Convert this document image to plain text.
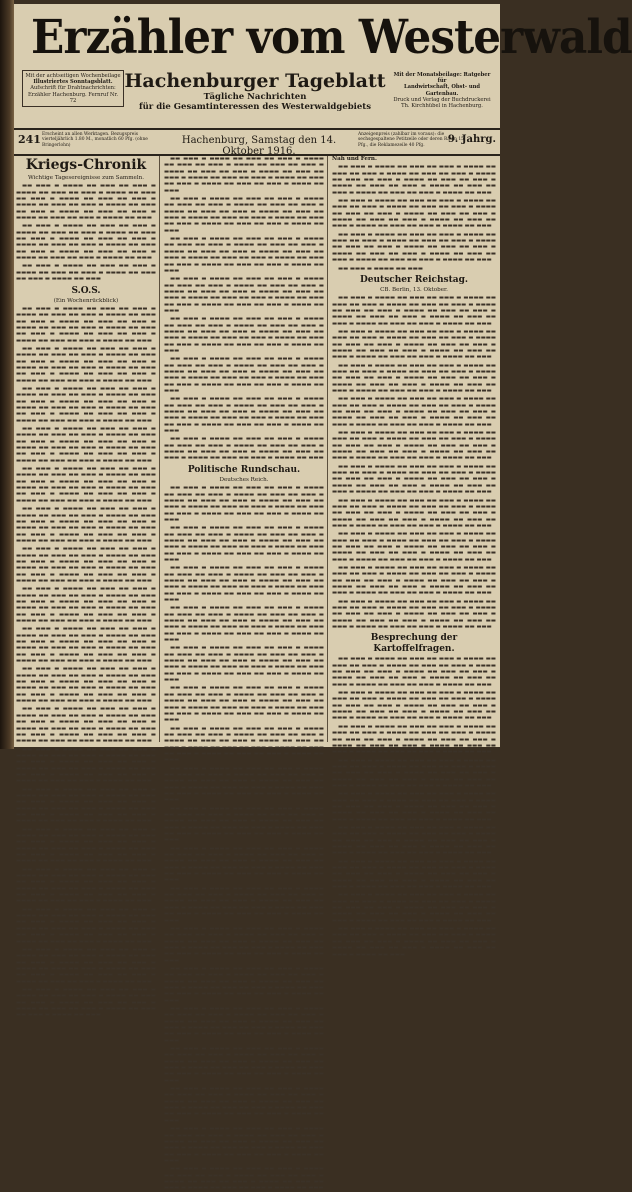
Erzähler vom Westerwald
Mit der achtseitigen Wochenbeilage
Illustriertes Sonntagsblatt.
Aufschrift für Drahtnachrichten:
Erzähler Hachenburg. Fernruf Nr. 72
Hachenburger Tageblatt
Tägliche Nachrichten
für die Gesamtinteressen des Westerwaldgebiets
Mit der Monatsbeilage: Ratgeber für
Landwirtschaft, Obst- und Gartenbau.
Druck und Verlag der Buchdruckerei
Th. Kirchhübel in Hachenburg.
241 Erscheint an allen Werktagen. Bezugspreis vierteljährlich 1.80 M., monatlich 60 Pfg. (ohne Bringerlohn)	Hachenburg, Samstag den 14. Oktober 1916.
Anzeigenpreis (zahlbar im voraus): die sechsgespaltene Petitzeile oder deren Raum 15 Pfg., die Reklamezeile 40 Pfg.
9. Jahrg.
Kriegs-Chronik
Wichtige Tagesereignisse zum Sammeln.

▬▬ ▬▬▬ ▬ ▬▬▬▬ ▬▬ ▬▬▬ ▬▬ ▬▬▬ ▬ ▬▬▬▬ ▬▬ ▬▬▬ ▬▬ ▬▬▬ ▬ ▬▬▬▬ ▬▬ ▬▬▬ ▬▬ ▬▬▬ ▬ ▬▬▬▬ ▬▬ ▬▬▬ ▬▬ ▬▬▬ ▬ ▬▬▬▬ ▬▬ ▬▬▬ ▬▬ ▬▬▬ ▬ ▬▬▬▬ ▬▬ ▬▬▬ ▬▬ ▬▬▬ ▬ ▬▬▬▬ ▬▬ ▬▬▬ ▬▬ ▬▬▬ ▬ ▬▬▬▬ ▬▬ ▬▬▬ ▬▬ ▬▬▬ ▬ ▬▬▬▬ ▬▬ ▬▬▬

▬▬ ▬▬▬ ▬ ▬▬▬▬ ▬▬ ▬▬▬ ▬▬ ▬▬▬ ▬ ▬▬▬▬ ▬▬ ▬▬▬ ▬▬ ▬▬▬ ▬ ▬▬▬▬ ▬▬ ▬▬▬ ▬▬ ▬▬▬ ▬ ▬▬▬▬ ▬▬ ▬▬▬ ▬▬ ▬▬▬ ▬ ▬▬▬▬ ▬▬ ▬▬▬ ▬▬ ▬▬▬ ▬ ▬▬▬▬ ▬▬ ▬▬▬ ▬▬ ▬▬▬ ▬ ▬▬▬▬ ▬▬ ▬▬▬ ▬▬ ▬▬▬ ▬ ▬▬▬▬ ▬▬ ▬▬▬ ▬▬ ▬▬▬ ▬ ▬▬▬▬ ▬▬ ▬▬▬

▬▬ ▬▬▬ ▬ ▬▬▬▬ ▬▬ ▬▬▬ ▬▬ ▬▬▬ ▬ ▬▬▬▬ ▬▬ ▬▬▬ ▬▬ ▬▬▬ ▬ ▬▬▬▬ ▬▬ ▬▬▬ ▬▬ ▬▬▬ ▬ ▬▬▬▬ ▬▬ ▬▬▬

S.O.S.
(Ein Wochenrückblick)

▬▬ ▬▬▬ ▬ ▬▬▬▬ ▬▬ ▬▬▬ ▬▬ ▬▬▬ ▬ ▬▬▬▬ ▬▬ ▬▬▬ ▬▬ ▬▬▬ ▬ ▬▬▬▬ ▬▬ ▬▬▬ ▬▬ ▬▬▬ ▬ ▬▬▬▬ ▬▬ ▬▬▬ ▬▬ ▬▬▬ ▬ ▬▬▬▬ ▬▬ ▬▬▬ ▬▬ ▬▬▬ ▬ ▬▬▬▬ ▬▬ ▬▬▬ ▬▬ ▬▬▬ ▬ ▬▬▬▬ ▬▬ ▬▬▬ ▬▬ ▬▬▬ ▬ ▬▬▬▬ ▬▬ ▬▬▬ ▬▬ ▬▬▬ ▬ ▬▬▬▬ ▬▬ ▬▬▬

▬▬ ▬▬▬ ▬ ▬▬▬▬ ▬▬ ▬▬▬ ▬▬ ▬▬▬ ▬ ▬▬▬▬ ▬▬ ▬▬▬ ▬▬ ▬▬▬ ▬ ▬▬▬▬ ▬▬ ▬▬▬ ▬▬ ▬▬▬ ▬ ▬▬▬▬ ▬▬ ▬▬▬ ▬▬ ▬▬▬ ▬ ▬▬▬▬ ▬▬ ▬▬▬ ▬▬ ▬▬▬ ▬ ▬▬▬▬ ▬▬ ▬▬▬ ▬▬ ▬▬▬ ▬ ▬▬▬▬ ▬▬ ▬▬▬ ▬▬ ▬▬▬ ▬ ▬▬▬▬ ▬▬ ▬▬▬ ▬▬ ▬▬▬ ▬ ▬▬▬▬ ▬▬ ▬▬▬

▬▬ ▬▬▬ ▬ ▬▬▬▬ ▬▬ ▬▬▬ ▬▬ ▬▬▬ ▬ ▬▬▬▬ ▬▬ ▬▬▬ ▬▬ ▬▬▬ ▬ ▬▬▬▬ ▬▬ ▬▬▬ ▬▬ ▬▬▬ ▬ ▬▬▬▬ ▬▬ ▬▬▬ ▬▬ ▬▬▬ ▬ ▬▬▬▬ ▬▬ ▬▬▬ ▬▬ ▬▬▬ ▬ ▬▬▬▬ ▬▬ ▬▬▬ ▬▬ ▬▬▬ ▬ ▬▬▬▬ ▬▬ ▬▬▬ ▬▬ ▬▬▬ ▬ ▬▬▬▬ ▬▬ ▬▬▬ ▬▬ ▬▬▬ ▬ ▬▬▬▬ ▬▬ ▬▬▬

▬▬ ▬▬▬ ▬ ▬▬▬▬ ▬▬ ▬▬▬ ▬▬ ▬▬▬ ▬ ▬▬▬▬ ▬▬ ▬▬▬ ▬▬ ▬▬▬ ▬ ▬▬▬▬ ▬▬ ▬▬▬ ▬▬ ▬▬▬ ▬ ▬▬▬▬ ▬▬ ▬▬▬ ▬▬ ▬▬▬ ▬ ▬▬▬▬ ▬▬ ▬▬▬ ▬▬ ▬▬▬ ▬ ▬▬▬▬ ▬▬ ▬▬▬ ▬▬ ▬▬▬ ▬ ▬▬▬▬ ▬▬ ▬▬▬ ▬▬ ▬▬▬ ▬ ▬▬▬▬ ▬▬ ▬▬▬ ▬▬ ▬▬▬ ▬ ▬▬▬▬ ▬▬ ▬▬▬

▬▬ ▬▬▬ ▬ ▬▬▬▬ ▬▬ ▬▬▬ ▬▬ ▬▬▬ ▬ ▬▬▬▬ ▬▬ ▬▬▬ ▬▬ ▬▬▬ ▬ ▬▬▬▬ ▬▬ ▬▬▬ ▬▬ ▬▬▬ ▬ ▬▬▬▬ ▬▬ ▬▬▬ ▬▬ ▬▬▬ ▬ ▬▬▬▬ ▬▬ ▬▬▬ ▬▬ ▬▬▬ ▬ ▬▬▬▬ ▬▬ ▬▬▬ ▬▬ ▬▬▬ ▬ ▬▬▬▬ ▬▬ ▬▬▬ ▬▬ ▬▬▬ ▬ ▬▬▬▬ ▬▬ ▬▬▬ ▬▬ ▬▬▬ ▬ ▬▬▬▬ ▬▬ ▬▬▬

▬▬ ▬▬▬ ▬ ▬▬▬▬ ▬▬ ▬▬▬ ▬▬ ▬▬▬ ▬ ▬▬▬▬ ▬▬ ▬▬▬ ▬▬ ▬▬▬ ▬ ▬▬▬▬ ▬▬ ▬▬▬ ▬▬ ▬▬▬ ▬ ▬▬▬▬ ▬▬ ▬▬▬ ▬▬ ▬▬▬ ▬ ▬▬▬▬ ▬▬ ▬▬▬ ▬▬ ▬▬▬ ▬ ▬▬▬▬ ▬▬ ▬▬▬ ▬▬ ▬▬▬ ▬ ▬▬▬▬ ▬▬ ▬▬▬ ▬▬ ▬▬▬ ▬ ▬▬▬▬ ▬▬ ▬▬▬ ▬▬ ▬▬▬ ▬ ▬▬▬▬ ▬▬ ▬▬▬

▬▬ ▬▬▬ ▬ ▬▬▬▬ ▬▬ ▬▬▬ ▬▬ ▬▬▬ ▬ ▬▬▬▬ ▬▬ ▬▬▬ ▬▬ ▬▬▬ ▬ ▬▬▬▬ ▬▬ ▬▬▬ ▬▬ ▬▬▬ ▬ ▬▬▬▬ ▬▬ ▬▬▬ ▬▬ ▬▬▬ ▬ ▬▬▬▬ ▬▬ ▬▬▬ ▬▬ ▬▬▬ ▬ ▬▬▬▬ ▬▬ ▬▬▬ ▬▬ ▬▬▬ ▬ ▬▬▬▬ ▬▬ ▬▬▬ ▬▬ ▬▬▬ ▬ ▬▬▬▬ ▬▬ ▬▬▬ ▬▬ ▬▬▬ ▬ ▬▬▬▬ ▬▬ ▬▬▬

▬▬ ▬▬▬ ▬ ▬▬▬▬ ▬▬ ▬▬▬ ▬▬ ▬▬▬ ▬ ▬▬▬▬ ▬▬ ▬▬▬ ▬▬ ▬▬▬ ▬ ▬▬▬▬ ▬▬ ▬▬▬ ▬▬ ▬▬▬ ▬ ▬▬▬▬ ▬▬ ▬▬▬ ▬▬ ▬▬▬ ▬ ▬▬▬▬ ▬▬ ▬▬▬ ▬▬ ▬▬▬ ▬ ▬▬▬▬ ▬▬ ▬▬▬ ▬▬ ▬▬▬ ▬ ▬▬▬▬ ▬▬ ▬▬▬ ▬▬ ▬▬▬ ▬ ▬▬▬▬ ▬▬ ▬▬▬ ▬▬ ▬▬▬ ▬ ▬▬▬▬ ▬▬ ▬▬▬

▬▬ ▬▬▬ ▬ ▬▬▬▬ ▬▬ ▬▬▬ ▬▬ ▬▬▬ ▬ ▬▬▬▬ ▬▬ ▬▬▬ ▬▬ ▬▬▬ ▬ ▬▬▬▬ ▬▬ ▬▬▬ ▬▬ ▬▬▬ ▬ ▬▬▬▬ ▬▬ ▬▬▬ ▬▬ ▬▬▬ ▬ ▬▬▬▬ ▬▬ ▬▬▬ ▬▬ ▬▬▬ ▬ ▬▬▬▬ ▬▬ ▬▬▬ ▬▬ ▬▬▬ ▬ ▬▬▬▬ ▬▬ ▬▬▬ ▬▬ ▬▬▬ ▬ ▬▬▬▬ ▬▬ ▬▬▬ ▬▬ ▬▬▬ ▬ ▬▬▬▬ ▬▬ ▬▬▬

▬▬ ▬▬▬ ▬ ▬▬▬▬ ▬▬ ▬▬▬ ▬▬ ▬▬▬ ▬ ▬▬▬▬ ▬▬ ▬▬▬ ▬▬ ▬▬▬ ▬ ▬▬▬▬ ▬▬ ▬▬▬ ▬▬ ▬▬▬ ▬ ▬▬▬▬ ▬▬ ▬▬▬ ▬▬ ▬▬▬ ▬ ▬▬▬▬ ▬▬ ▬▬▬ ▬▬ ▬▬▬ ▬ ▬▬▬▬ ▬▬ ▬▬▬ ▬▬ ▬▬▬ ▬ ▬▬▬▬ ▬▬ ▬▬▬ ▬▬ ▬▬▬ ▬ ▬▬▬▬ ▬▬ ▬▬▬ ▬▬ ▬▬▬ ▬ ▬▬▬▬ ▬▬ ▬▬▬

▬▬ ▬▬▬ ▬ ▬▬▬▬ ▬▬ ▬▬▬ ▬▬ ▬▬▬ ▬ ▬▬▬▬ ▬▬ ▬▬▬ ▬▬ ▬▬▬ ▬ ▬▬▬▬ ▬▬ ▬▬▬ ▬▬ ▬▬▬ ▬ ▬▬▬▬ ▬▬ ▬▬▬ ▬▬ ▬▬▬ ▬ ▬▬▬▬ ▬▬ ▬▬▬ ▬▬ ▬▬▬ ▬ ▬▬▬▬ ▬▬ ▬▬▬ ▬▬ ▬▬▬ ▬ ▬▬▬▬ ▬▬ ▬▬▬ ▬▬ ▬▬▬ ▬ ▬▬▬▬ ▬▬ ▬▬▬ ▬▬ ▬▬▬ ▬ ▬▬▬▬ ▬▬ ▬▬▬

▬▬ ▬▬▬ ▬ ▬▬▬▬ ▬▬ ▬▬▬ ▬▬ ▬▬▬ ▬ ▬▬▬▬ ▬▬ ▬▬▬ ▬▬ ▬▬▬ ▬ ▬▬▬▬ ▬▬ ▬▬▬ ▬▬ ▬▬▬ ▬ ▬▬▬▬ ▬▬ ▬▬▬ ▬▬ ▬▬▬ ▬ ▬▬▬▬ ▬▬ ▬▬▬ ▬▬ ▬▬▬ ▬ ▬▬▬▬ ▬▬ ▬▬▬ ▬▬ ▬▬▬ ▬ ▬▬▬▬ ▬▬ ▬▬▬ ▬▬ ▬▬▬ ▬ ▬▬▬▬ ▬▬ ▬▬▬ ▬▬ ▬▬▬ ▬ ▬▬▬▬ ▬▬ ▬▬▬

▬▬ ▬▬▬ ▬ ▬▬▬▬ ▬▬ ▬▬▬ ▬▬ ▬▬▬ ▬ ▬▬▬▬ ▬▬ ▬▬▬ ▬▬ ▬▬▬ ▬ ▬▬▬▬ ▬▬ ▬▬▬ ▬▬ ▬▬▬ ▬ ▬▬▬▬ ▬▬ ▬▬▬ ▬▬ ▬▬▬ ▬ ▬▬▬▬ ▬▬ ▬▬▬ ▬▬ ▬▬▬ ▬ ▬▬▬▬ ▬▬ ▬▬▬ ▬▬ ▬▬▬ ▬ ▬▬▬▬ ▬▬ ▬▬▬ ▬▬ ▬▬▬ ▬ ▬▬▬▬ ▬▬ ▬▬▬ ▬▬ ▬▬▬ ▬ ▬▬▬▬ ▬▬ ▬▬▬

▬▬ ▬▬▬ ▬ ▬▬▬▬ ▬▬ ▬▬▬ ▬▬ ▬▬▬ ▬ ▬▬▬▬ ▬▬ ▬▬▬ ▬▬ ▬▬▬ ▬ ▬▬▬▬ ▬▬ ▬▬▬ ▬▬ ▬▬▬ ▬ ▬▬▬▬ ▬▬ ▬▬▬ ▬▬ ▬▬▬ ▬ ▬▬▬▬ ▬▬ ▬▬▬ ▬▬ ▬▬▬ ▬ ▬▬▬▬ ▬▬ ▬▬▬ ▬▬ ▬▬▬ ▬ ▬▬▬▬ ▬▬ ▬▬▬ ▬▬ ▬▬▬ ▬ ▬▬▬▬ ▬▬ ▬▬▬ ▬▬ ▬▬▬ ▬ ▬▬▬▬ ▬▬ ▬▬▬

▬▬ ▬▬▬ ▬ ▬▬▬▬ ▬▬ ▬▬▬ ▬▬ ▬▬▬ ▬ ▬▬▬▬ ▬▬ ▬▬▬ ▬▬ ▬▬▬ ▬ ▬▬▬▬ ▬▬ ▬▬▬ ▬▬ ▬▬▬ ▬ ▬▬▬▬ ▬▬ ▬▬▬ ▬▬ ▬▬▬ ▬ ▬▬▬▬ ▬▬ ▬▬▬ ▬▬ ▬▬▬ ▬ ▬▬▬▬ ▬▬ ▬▬▬ ▬▬ ▬▬▬ ▬ ▬▬▬▬ ▬▬ ▬▬▬ ▬▬ ▬▬▬ ▬ ▬▬▬▬ ▬▬ ▬▬▬ ▬▬ ▬▬▬ ▬ ▬▬▬▬ ▬▬ ▬▬▬

▬▬ ▬▬▬ ▬ ▬▬▬▬ ▬▬ ▬▬▬ ▬▬ ▬▬▬ ▬ ▬▬▬▬ ▬▬ ▬▬▬ ▬▬ ▬▬▬ ▬ ▬▬▬▬ ▬▬ ▬▬▬ ▬▬ ▬▬▬ ▬ ▬▬▬▬ ▬▬ ▬▬▬ ▬▬ ▬▬▬ ▬ ▬▬▬▬ ▬▬ ▬▬▬ ▬▬ ▬▬▬ ▬ ▬▬▬▬ ▬▬ ▬▬▬ ▬▬ ▬▬▬ ▬ ▬▬▬▬ ▬▬ ▬▬▬ ▬▬ ▬▬▬ ▬ ▬▬▬▬ ▬▬ ▬▬▬ ▬▬ ▬▬▬ ▬ ▬▬▬▬ ▬▬ ▬▬▬

▬▬ ▬▬▬ ▬ ▬▬▬▬ ▬▬ ▬▬▬ ▬▬ ▬▬▬ ▬ ▬▬▬▬ ▬▬ ▬▬▬ ▬▬ ▬▬▬ ▬ ▬▬▬▬ ▬▬ ▬▬▬ ▬▬ ▬▬▬ ▬ ▬▬▬▬ ▬▬ ▬▬▬ ▬▬ ▬▬▬ ▬ ▬▬▬▬ ▬▬ ▬▬▬ ▬▬ ▬▬▬ ▬ ▬▬▬▬ ▬▬ ▬▬▬ ▬▬ ▬▬▬ ▬ ▬▬▬▬ ▬▬ ▬▬▬ ▬▬ ▬▬▬ ▬ ▬▬▬▬ ▬▬ ▬▬▬ ▬▬ ▬▬▬ ▬ ▬▬▬▬ ▬▬ ▬▬▬

▬▬ ▬▬▬ ▬ ▬▬▬▬ ▬▬ ▬▬▬ ▬▬ ▬▬▬ ▬ ▬▬▬▬ ▬▬ ▬▬▬ ▬▬ ▬▬▬ ▬ ▬▬▬▬ ▬▬ ▬▬▬ ▬▬ ▬▬▬ ▬ ▬▬▬▬ ▬▬ ▬▬▬ ▬▬ ▬▬▬ ▬ ▬▬▬▬ ▬▬ ▬▬▬ ▬▬ ▬▬▬ ▬ ▬▬▬▬ ▬▬ ▬▬▬ ▬▬ ▬▬▬ ▬ ▬▬▬▬ ▬▬ ▬▬▬

▬▬ ▬▬▬ ▬ ▬▬▬▬ ▬▬ ▬▬▬ ▬▬ ▬▬▬ ▬ ▬▬▬▬ ▬▬ ▬▬▬ ▬▬ ▬▬▬ ▬ ▬▬▬▬ ▬▬ ▬▬▬ ▬▬ ▬▬▬ ▬ ▬▬▬▬ ▬▬ ▬▬▬ ▬▬ ▬▬▬ ▬ ▬▬▬▬ ▬▬ ▬▬▬ ▬▬ ▬▬▬ ▬ ▬▬▬▬ ▬▬ ▬▬▬ ▬▬ ▬▬▬ ▬ ▬▬▬▬ ▬▬ ▬▬▬ ▬▬ ▬▬▬ ▬ ▬▬▬▬ ▬▬ ▬▬▬ ▬▬ ▬▬▬ ▬ ▬▬▬▬ ▬▬ ▬▬▬

▬▬ ▬▬▬ ▬ ▬▬▬▬ ▬▬ ▬▬▬ ▬▬ ▬▬▬ ▬ ▬▬▬▬ ▬▬ ▬▬▬ ▬▬ ▬▬▬ ▬ ▬▬▬▬ ▬▬ ▬▬▬ ▬▬ ▬▬▬ ▬ ▬▬▬▬ ▬▬ ▬▬▬ ▬▬ ▬▬▬ ▬ ▬▬▬▬ ▬▬ ▬▬▬ ▬▬ ▬▬▬ ▬ ▬▬▬▬ ▬▬ ▬▬▬ ▬▬ ▬▬▬ ▬ ▬▬▬▬ ▬▬ ▬▬▬ ▬▬ ▬▬▬ ▬ ▬▬▬▬ ▬▬ ▬▬▬ ▬▬ ▬▬▬ ▬ ▬▬▬▬ ▬▬ ▬▬▬

▬▬ ▬▬▬ ▬ ▬▬▬▬ ▬▬ ▬▬▬ ▬▬ ▬▬▬ ▬ ▬▬▬▬ ▬▬ ▬▬▬ ▬▬ ▬▬▬ ▬ ▬▬▬▬ ▬▬ ▬▬▬ ▬▬ ▬▬▬ ▬ ▬▬▬▬ ▬▬ ▬▬▬ ▬▬ ▬▬▬ ▬ ▬▬▬▬ ▬▬ ▬▬▬ ▬▬ ▬▬▬ ▬ ▬▬▬▬ ▬▬ ▬▬▬ ▬▬ ▬▬▬ ▬ ▬▬▬▬ ▬▬ ▬▬▬ ▬▬ ▬▬▬ ▬ ▬▬▬▬ ▬▬ ▬▬▬ ▬▬ ▬▬▬ ▬ ▬▬▬▬ ▬▬ ▬▬▬

▬▬ ▬▬▬ ▬ ▬▬▬▬ ▬▬ ▬▬▬ ▬▬ ▬▬▬ ▬ ▬▬▬▬ ▬▬ ▬▬▬ ▬▬ ▬▬▬ ▬ ▬▬▬▬ ▬▬ ▬▬▬ ▬▬ ▬▬▬ ▬ ▬▬▬▬ ▬▬ ▬▬▬ ▬▬ ▬▬▬ ▬ ▬▬▬▬ ▬▬ ▬▬▬ ▬▬ ▬▬▬ ▬ ▬▬▬▬ ▬▬ ▬▬▬ ▬▬ ▬▬▬ ▬ ▬▬▬▬ ▬▬ ▬▬▬ ▬▬ ▬▬▬ ▬ ▬▬▬▬ ▬▬ ▬▬▬ ▬▬ ▬▬▬ ▬ ▬▬▬▬ ▬▬ ▬▬▬

▬▬ ▬▬▬ ▬ ▬▬▬▬ ▬▬ ▬▬▬ ▬▬ ▬▬▬ ▬ ▬▬▬▬ ▬▬ ▬▬▬ ▬▬ ▬▬▬ ▬ ▬▬▬▬ ▬▬ ▬▬▬ ▬▬ ▬▬▬ ▬ ▬▬▬▬ ▬▬ ▬▬▬ ▬▬ ▬▬▬ ▬ ▬▬▬▬ ▬▬ ▬▬▬ ▬▬ ▬▬▬ ▬ ▬▬▬▬ ▬▬ ▬▬▬ ▬▬ ▬▬▬ ▬ ▬▬▬▬ ▬▬ ▬▬▬ ▬▬ ▬▬▬ ▬ ▬▬▬▬ ▬▬ ▬▬▬ ▬▬ ▬▬▬ ▬ ▬▬▬▬ ▬▬ ▬▬▬

▬▬ ▬▬▬ ▬ ▬▬▬▬ ▬▬ ▬▬▬ ▬▬ ▬▬▬ ▬ ▬▬▬▬ ▬▬ ▬▬▬ ▬▬ ▬▬▬ ▬ ▬▬▬▬ ▬▬ ▬▬▬ ▬▬ ▬▬▬ ▬ ▬▬▬▬ ▬▬ ▬▬▬ ▬▬ ▬▬▬ ▬ ▬▬▬▬ ▬▬ ▬▬▬ ▬▬ ▬▬▬ ▬ ▬▬▬▬ ▬▬ ▬▬▬ ▬▬ ▬▬▬ ▬ ▬▬▬▬ ▬▬ ▬▬▬ ▬▬ ▬▬▬ ▬ ▬▬▬▬ ▬▬ ▬▬▬ ▬▬ ▬▬▬ ▬ ▬▬▬▬ ▬▬ ▬▬▬

▬▬ ▬▬▬ ▬ ▬▬▬▬ ▬▬ ▬▬▬ ▬▬ ▬▬▬ ▬ ▬▬▬▬ ▬▬ ▬▬▬ ▬▬ ▬▬▬ ▬ ▬▬▬▬ ▬▬ ▬▬▬ ▬▬ ▬▬▬ ▬ ▬▬▬▬ ▬▬ ▬▬▬ ▬▬ ▬▬▬ ▬ ▬▬▬▬ ▬▬ ▬▬▬ ▬▬ ▬▬▬ ▬ ▬▬▬▬ ▬▬ ▬▬▬ ▬▬ ▬▬▬ ▬ ▬▬▬▬ ▬▬ ▬▬▬ ▬▬ ▬▬▬ ▬ ▬▬▬▬ ▬▬ ▬▬▬ ▬▬ ▬▬▬ ▬ ▬▬▬▬ ▬▬ ▬▬▬

▬▬ ▬▬▬ ▬ ▬▬▬▬ ▬▬ ▬▬▬ ▬▬ ▬▬▬ ▬ ▬▬▬▬ ▬▬ ▬▬▬ ▬▬ ▬▬▬ ▬ ▬▬▬▬ ▬▬ ▬▬▬ ▬▬ ▬▬▬ ▬ ▬▬▬▬ ▬▬ ▬▬▬ ▬▬ ▬▬▬ ▬ ▬▬▬▬ ▬▬ ▬▬▬ ▬▬ ▬▬▬ ▬ ▬▬▬▬ ▬▬ ▬▬▬ ▬▬ ▬▬▬ ▬ ▬▬▬▬ ▬▬ ▬▬▬

Politische Rundschau.
Deutsches Reich.

▬▬ ▬▬▬ ▬ ▬▬▬▬ ▬▬ ▬▬▬ ▬▬ ▬▬▬ ▬ ▬▬▬▬ ▬▬ ▬▬▬ ▬▬ ▬▬▬ ▬ ▬▬▬▬ ▬▬ ▬▬▬ ▬▬ ▬▬▬ ▬ ▬▬▬▬ ▬▬ ▬▬▬ ▬▬ ▬▬▬ ▬ ▬▬▬▬ ▬▬ ▬▬▬ ▬▬ ▬▬▬ ▬ ▬▬▬▬ ▬▬ ▬▬▬ ▬▬ ▬▬▬ ▬ ▬▬▬▬ ▬▬ ▬▬▬ ▬▬ ▬▬▬ ▬ ▬▬▬▬ ▬▬ ▬▬▬ ▬▬ ▬▬▬ ▬ ▬▬▬▬ ▬▬ ▬▬▬

▬▬ ▬▬▬ ▬ ▬▬▬▬ ▬▬ ▬▬▬ ▬▬ ▬▬▬ ▬ ▬▬▬▬ ▬▬ ▬▬▬ ▬▬ ▬▬▬ ▬ ▬▬▬▬ ▬▬ ▬▬▬ ▬▬ ▬▬▬ ▬ ▬▬▬▬ ▬▬ ▬▬▬ ▬▬ ▬▬▬ ▬ ▬▬▬▬ ▬▬ ▬▬▬ ▬▬ ▬▬▬ ▬ ▬▬▬▬ ▬▬ ▬▬▬ ▬▬ ▬▬▬ ▬ ▬▬▬▬ ▬▬ ▬▬▬ ▬▬ ▬▬▬ ▬ ▬▬▬▬ ▬▬ ▬▬▬ ▬▬ ▬▬▬ ▬ ▬▬▬▬ ▬▬ ▬▬▬

▬▬ ▬▬▬ ▬ ▬▬▬▬ ▬▬ ▬▬▬ ▬▬ ▬▬▬ ▬ ▬▬▬▬ ▬▬ ▬▬▬ ▬▬ ▬▬▬ ▬ ▬▬▬▬ ▬▬ ▬▬▬ ▬▬ ▬▬▬ ▬ ▬▬▬▬ ▬▬ ▬▬▬ ▬▬ ▬▬▬ ▬ ▬▬▬▬ ▬▬ ▬▬▬ ▬▬ ▬▬▬ ▬ ▬▬▬▬ ▬▬ ▬▬▬ ▬▬ ▬▬▬ ▬ ▬▬▬▬ ▬▬ ▬▬▬ ▬▬ ▬▬▬ ▬ ▬▬▬▬ ▬▬ ▬▬▬ ▬▬ ▬▬▬ ▬ ▬▬▬▬ ▬▬ ▬▬▬

▬▬ ▬▬▬ ▬ ▬▬▬▬ ▬▬ ▬▬▬ ▬▬ ▬▬▬ ▬ ▬▬▬▬ ▬▬ ▬▬▬ ▬▬ ▬▬▬ ▬ ▬▬▬▬ ▬▬ ▬▬▬ ▬▬ ▬▬▬ ▬ ▬▬▬▬ ▬▬ ▬▬▬ ▬▬ ▬▬▬ ▬ ▬▬▬▬ ▬▬ ▬▬▬ ▬▬ ▬▬▬ ▬ ▬▬▬▬ ▬▬ ▬▬▬ ▬▬ ▬▬▬ ▬ ▬▬▬▬ ▬▬ ▬▬▬ ▬▬ ▬▬▬ ▬ ▬▬▬▬ ▬▬ ▬▬▬ ▬▬ ▬▬▬ ▬ ▬▬▬▬ ▬▬ ▬▬▬

▬▬ ▬▬▬ ▬ ▬▬▬▬ ▬▬ ▬▬▬ ▬▬ ▬▬▬ ▬ ▬▬▬▬ ▬▬ ▬▬▬ ▬▬ ▬▬▬ ▬ ▬▬▬▬ ▬▬ ▬▬▬ ▬▬ ▬▬▬ ▬ ▬▬▬▬ ▬▬ ▬▬▬ ▬▬ ▬▬▬ ▬ ▬▬▬▬ ▬▬ ▬▬▬ ▬▬ ▬▬▬ ▬ ▬▬▬▬ ▬▬ ▬▬▬ ▬▬ ▬▬▬ ▬ ▬▬▬▬ ▬▬ ▬▬▬ ▬▬ ▬▬▬ ▬ ▬▬▬▬ ▬▬ ▬▬▬ ▬▬ ▬▬▬ ▬ ▬▬▬▬ ▬▬ ▬▬▬

▬▬ ▬▬▬ ▬ ▬▬▬▬ ▬▬ ▬▬▬ ▬▬ ▬▬▬ ▬ ▬▬▬▬ ▬▬ ▬▬▬ ▬▬ ▬▬▬ ▬ ▬▬▬▬ ▬▬ ▬▬▬ ▬▬ ▬▬▬ ▬ ▬▬▬▬ ▬▬ ▬▬▬ ▬▬ ▬▬▬ ▬ ▬▬▬▬ ▬▬ ▬▬▬ ▬▬ ▬▬▬ ▬ ▬▬▬▬ ▬▬ ▬▬▬ ▬▬ ▬▬▬ ▬ ▬▬▬▬ ▬▬ ▬▬▬ ▬▬ ▬▬▬ ▬ ▬▬▬▬ ▬▬ ▬▬▬ ▬▬ ▬▬▬ ▬ ▬▬▬▬ ▬▬ ▬▬▬

▬▬ ▬▬▬ ▬ ▬▬▬▬ ▬▬ ▬▬▬ ▬▬ ▬▬▬ ▬ ▬▬▬▬ ▬▬ ▬▬▬ ▬▬ ▬▬▬ ▬ ▬▬▬▬ ▬▬ ▬▬▬ ▬▬ ▬▬▬ ▬ ▬▬▬▬ ▬▬ ▬▬▬ ▬▬ ▬▬▬ ▬ ▬▬▬▬ ▬▬ ▬▬▬ ▬▬ ▬▬▬ ▬ ▬▬▬▬ ▬▬ ▬▬▬ ▬▬ ▬▬▬ ▬ ▬▬▬▬ ▬▬ ▬▬▬ ▬▬ ▬▬▬ ▬ ▬▬▬▬ ▬▬ ▬▬▬ ▬▬ ▬▬▬ ▬ ▬▬▬▬ ▬▬ ▬▬▬

▬▬ ▬▬▬ ▬ ▬▬▬▬ ▬▬ ▬▬▬ ▬▬ ▬▬▬ ▬ ▬▬▬▬ ▬▬ ▬▬▬ ▬▬ ▬▬▬ ▬ ▬▬▬▬ ▬▬ ▬▬▬ ▬▬ ▬▬▬ ▬ ▬▬▬▬ ▬▬ ▬▬▬ ▬▬ ▬▬▬ ▬ ▬▬▬▬ ▬▬ ▬▬▬ ▬▬ ▬▬▬ ▬ ▬▬▬▬ ▬▬ ▬▬▬ ▬▬ ▬▬▬ ▬ ▬▬▬▬ ▬▬ ▬▬▬ ▬▬ ▬▬▬ ▬ ▬▬▬▬ ▬▬ ▬▬▬ ▬▬ ▬▬▬ ▬ ▬▬▬▬ ▬▬ ▬▬▬

▬▬ ▬▬▬ ▬ ▬▬▬▬ ▬▬ ▬▬▬ ▬▬ ▬▬▬ ▬ ▬▬▬▬ ▬▬ ▬▬▬ ▬▬ ▬▬▬ ▬ ▬▬▬▬ ▬▬ ▬▬▬ ▬▬ ▬▬▬ ▬ ▬▬▬▬ ▬▬ ▬▬▬ ▬▬ ▬▬▬ ▬ ▬▬▬▬ ▬▬ ▬▬▬ ▬▬ ▬▬▬ ▬ ▬▬▬▬ ▬▬ ▬▬▬ ▬▬ ▬▬▬ ▬ ▬▬▬▬ ▬▬ ▬▬▬ ▬▬ ▬▬▬ ▬ ▬▬▬▬ ▬▬ ▬▬▬ ▬▬ ▬▬▬ ▬ ▬▬▬▬ ▬▬ ▬▬▬

▬▬ ▬▬▬ ▬ ▬▬▬▬ ▬▬ ▬▬▬ ▬▬ ▬▬▬ ▬ ▬▬▬▬ ▬▬ ▬▬▬ ▬▬ ▬▬▬ ▬ ▬▬▬▬ ▬▬ ▬▬▬ ▬▬ ▬▬▬ ▬ ▬▬▬▬ ▬▬ ▬▬▬ ▬▬ ▬▬▬ ▬ ▬▬▬▬ ▬▬ ▬▬▬ ▬▬ ▬▬▬ ▬ ▬▬▬▬ ▬▬ ▬▬▬ ▬▬ ▬▬▬ ▬ ▬▬▬▬ ▬▬ ▬▬▬ ▬▬ ▬▬▬ ▬ ▬▬▬▬ ▬▬ ▬▬▬ ▬▬ ▬▬▬ ▬ ▬▬▬▬ ▬▬ ▬▬▬

▬▬ ▬▬▬ ▬ ▬▬▬▬ ▬▬ ▬▬▬ ▬▬ ▬▬▬ ▬ ▬▬▬▬ ▬▬ ▬▬▬ ▬▬ ▬▬▬ ▬ ▬▬▬▬ ▬▬ ▬▬▬ ▬▬ ▬▬▬ ▬ ▬▬▬▬ ▬▬ ▬▬▬ ▬▬ ▬▬▬ ▬ ▬▬▬▬ ▬▬ ▬▬▬ ▬▬ ▬▬▬ ▬ ▬▬▬▬ ▬▬ ▬▬▬ ▬▬ ▬▬▬ ▬ ▬▬▬▬ ▬▬ ▬▬▬ ▬▬ ▬▬▬ ▬ ▬▬▬▬ ▬▬ ▬▬▬ ▬▬ ▬▬▬ ▬ ▬▬▬▬ ▬▬ ▬▬▬

▬▬ ▬▬▬ ▬ ▬▬▬▬ ▬▬ ▬▬▬ ▬▬ ▬▬▬ ▬ ▬▬▬▬ ▬▬ ▬▬▬ ▬▬ ▬▬▬ ▬ ▬▬▬▬ ▬▬ ▬▬▬ ▬▬ ▬▬▬ ▬ ▬▬▬▬ ▬▬ ▬▬▬ ▬▬ ▬▬▬ ▬ ▬▬▬▬ ▬▬ ▬▬▬ ▬▬ ▬▬▬ ▬ ▬▬▬▬ ▬▬ ▬▬▬ ▬▬ ▬▬▬ ▬ ▬▬▬▬ ▬▬ ▬▬▬ ▬▬ ▬▬▬ ▬ ▬▬▬▬ ▬▬ ▬▬▬ ▬▬ ▬▬▬ ▬ ▬▬▬▬ ▬▬ ▬▬▬

▬▬ ▬▬▬ ▬ ▬▬▬▬ ▬▬ ▬▬▬ ▬▬ ▬▬▬ ▬ ▬▬▬▬ ▬▬ ▬▬▬ ▬▬ ▬▬▬ ▬ ▬▬▬▬ ▬▬ ▬▬▬ ▬▬ ▬▬▬ ▬ ▬▬▬▬ ▬▬ ▬▬▬ ▬▬ ▬▬▬ ▬ ▬▬▬▬ ▬▬ ▬▬▬ ▬▬ ▬▬▬ ▬ ▬▬▬▬ ▬▬ ▬▬▬ ▬▬ ▬▬▬ ▬ ▬▬▬▬ ▬▬ ▬▬▬ ▬▬ ▬▬▬ ▬ ▬▬▬▬ ▬▬ ▬▬▬ ▬▬ ▬▬▬ ▬ ▬▬▬▬ ▬▬ ▬▬▬

▬▬ ▬▬▬ ▬ ▬▬▬▬ ▬▬ ▬▬▬ ▬▬ ▬▬▬ ▬ ▬▬▬▬ ▬▬ ▬▬▬ ▬▬ ▬▬▬ ▬ ▬▬▬▬ ▬▬ ▬▬▬ ▬▬ ▬▬▬ ▬ ▬▬▬▬ ▬▬ ▬▬▬ ▬▬ ▬▬▬ ▬ ▬▬▬▬ ▬▬ ▬▬▬ ▬▬ ▬▬▬ ▬ ▬▬▬▬ ▬▬ ▬▬▬ ▬▬ ▬▬▬ ▬ ▬▬▬▬ ▬▬ ▬▬▬ ▬▬ ▬▬▬ ▬ ▬▬▬▬ ▬▬ ▬▬▬ ▬▬ ▬▬▬ ▬ ▬▬▬▬ ▬▬ ▬▬▬

▬▬ ▬▬▬ ▬ ▬▬▬▬ ▬▬ ▬▬▬ ▬▬ ▬▬▬ ▬ ▬▬▬▬ ▬▬ ▬▬▬ ▬▬ ▬▬▬ ▬ ▬▬▬▬ ▬▬ ▬▬▬ ▬▬ ▬▬▬ ▬ ▬▬▬▬ ▬▬ ▬▬▬ ▬▬ ▬▬▬ ▬ ▬▬▬▬ ▬▬ ▬▬▬ ▬▬ ▬▬▬ ▬ ▬▬▬▬ ▬▬ ▬▬▬ ▬▬ ▬▬▬ ▬ ▬▬▬▬ ▬▬ ▬▬▬ ▬▬ ▬▬▬ ▬ ▬▬▬▬ ▬▬ ▬▬▬ ▬▬ ▬▬▬ ▬ ▬▬▬▬ ▬▬ ▬▬▬

▬▬ ▬▬▬ ▬ ▬▬▬▬ ▬▬ ▬▬▬ ▬▬ ▬▬▬ ▬ ▬▬▬▬ ▬▬ ▬▬▬ ▬▬ ▬▬▬ ▬ ▬▬▬▬ ▬▬ ▬▬▬ ▬▬ ▬▬▬ ▬ ▬▬▬▬ ▬▬ ▬▬▬ ▬▬ ▬▬▬ ▬ ▬▬▬▬ ▬▬ ▬▬▬ ▬▬ ▬▬▬ ▬ ▬▬▬▬ ▬▬ ▬▬▬ ▬▬ ▬▬▬ ▬ ▬▬▬▬ ▬▬ ▬▬▬ ▬▬ ▬▬▬ ▬ ▬▬▬▬ ▬▬ ▬▬▬ ▬▬ ▬▬▬ ▬ ▬▬▬▬ ▬▬ ▬▬▬

▬▬ ▬▬▬ ▬ ▬▬▬▬ ▬▬ ▬▬▬ ▬▬ ▬▬▬ ▬ ▬▬▬▬ ▬▬ ▬▬▬ ▬▬ ▬▬▬ ▬ ▬▬▬▬ ▬▬ ▬▬▬ ▬▬ ▬▬▬ ▬ ▬▬▬▬ ▬▬ ▬▬▬ ▬▬ ▬▬▬ ▬ ▬▬▬▬ ▬▬ ▬▬▬ ▬▬ ▬▬▬ ▬ ▬▬▬▬ ▬▬ ▬▬▬ ▬▬ ▬▬▬ ▬ ▬▬▬▬ ▬▬ ▬▬▬ ▬▬ ▬▬▬ ▬ ▬▬▬▬ ▬▬ ▬▬▬ ▬▬ ▬▬▬ ▬ ▬▬▬▬ ▬▬ ▬▬▬

▬▬ ▬▬▬ ▬ ▬▬▬▬ ▬▬ ▬▬▬ ▬▬ ▬▬▬ ▬ ▬▬▬▬ ▬▬ ▬▬▬ ▬▬ ▬▬▬ ▬ ▬▬▬▬ ▬▬ ▬▬▬ ▬▬ ▬▬▬ ▬ ▬▬▬▬ ▬▬ ▬▬▬ ▬▬ ▬▬▬ ▬ ▬▬▬▬ ▬▬ ▬▬▬ ▬▬ ▬▬▬ ▬ ▬▬▬▬ ▬▬ ▬▬▬ ▬▬ ▬▬▬ ▬ ▬▬▬▬ ▬▬ ▬▬▬

Nah und Fern.

▬▬ ▬▬▬ ▬ ▬▬▬▬ ▬▬ ▬▬▬ ▬▬ ▬▬▬ ▬ ▬▬▬▬ ▬▬ ▬▬▬ ▬▬ ▬▬▬ ▬ ▬▬▬▬ ▬▬ ▬▬▬ ▬▬ ▬▬▬ ▬ ▬▬▬▬ ▬▬ ▬▬▬ ▬▬ ▬▬▬ ▬ ▬▬▬▬ ▬▬ ▬▬▬ ▬▬ ▬▬▬ ▬ ▬▬▬▬ ▬▬ ▬▬▬ ▬▬ ▬▬▬ ▬ ▬▬▬▬ ▬▬ ▬▬▬ ▬▬ ▬▬▬ ▬ ▬▬▬▬ ▬▬ ▬▬▬ ▬▬ ▬▬▬ ▬ ▬▬▬▬ ▬▬ ▬▬▬

▬▬ ▬▬▬ ▬ ▬▬▬▬ ▬▬ ▬▬▬ ▬▬ ▬▬▬ ▬ ▬▬▬▬ ▬▬ ▬▬▬ ▬▬ ▬▬▬ ▬ ▬▬▬▬ ▬▬ ▬▬▬ ▬▬ ▬▬▬ ▬ ▬▬▬▬ ▬▬ ▬▬▬ ▬▬ ▬▬▬ ▬ ▬▬▬▬ ▬▬ ▬▬▬ ▬▬ ▬▬▬ ▬ ▬▬▬▬ ▬▬ ▬▬▬ ▬▬ ▬▬▬ ▬ ▬▬▬▬ ▬▬ ▬▬▬ ▬▬ ▬▬▬ ▬ ▬▬▬▬ ▬▬ ▬▬▬ ▬▬ ▬▬▬ ▬ ▬▬▬▬ ▬▬ ▬▬▬

▬▬ ▬▬▬ ▬ ▬▬▬▬ ▬▬ ▬▬▬ ▬▬ ▬▬▬ ▬ ▬▬▬▬ ▬▬ ▬▬▬ ▬▬ ▬▬▬ ▬ ▬▬▬▬ ▬▬ ▬▬▬ ▬▬ ▬▬▬ ▬ ▬▬▬▬ ▬▬ ▬▬▬ ▬▬ ▬▬▬ ▬ ▬▬▬▬ ▬▬ ▬▬▬ ▬▬ ▬▬▬ ▬ ▬▬▬▬ ▬▬ ▬▬▬ ▬▬ ▬▬▬ ▬ ▬▬▬▬ ▬▬ ▬▬▬ ▬▬ ▬▬▬ ▬ ▬▬▬▬ ▬▬ ▬▬▬ ▬▬ ▬▬▬ ▬ ▬▬▬▬ ▬▬ ▬▬▬

▬▬ ▬▬▬ ▬ ▬▬▬▬ ▬▬ ▬▬▬

Deutscher Reichstag.
CB. Berlin, 13. Oktober.

▬▬ ▬▬▬ ▬ ▬▬▬▬ ▬▬ ▬▬▬ ▬▬ ▬▬▬ ▬ ▬▬▬▬ ▬▬ ▬▬▬ ▬▬ ▬▬▬ ▬ ▬▬▬▬ ▬▬ ▬▬▬ ▬▬ ▬▬▬ ▬ ▬▬▬▬ ▬▬ ▬▬▬ ▬▬ ▬▬▬ ▬ ▬▬▬▬ ▬▬ ▬▬▬ ▬▬ ▬▬▬ ▬ ▬▬▬▬ ▬▬ ▬▬▬ ▬▬ ▬▬▬ ▬ ▬▬▬▬ ▬▬ ▬▬▬ ▬▬ ▬▬▬ ▬ ▬▬▬▬ ▬▬ ▬▬▬ ▬▬ ▬▬▬ ▬ ▬▬▬▬ ▬▬ ▬▬▬

▬▬ ▬▬▬ ▬ ▬▬▬▬ ▬▬ ▬▬▬ ▬▬ ▬▬▬ ▬ ▬▬▬▬ ▬▬ ▬▬▬ ▬▬ ▬▬▬ ▬ ▬▬▬▬ ▬▬ ▬▬▬ ▬▬ ▬▬▬ ▬ ▬▬▬▬ ▬▬ ▬▬▬ ▬▬ ▬▬▬ ▬ ▬▬▬▬ ▬▬ ▬▬▬ ▬▬ ▬▬▬ ▬ ▬▬▬▬ ▬▬ ▬▬▬ ▬▬ ▬▬▬ ▬ ▬▬▬▬ ▬▬ ▬▬▬ ▬▬ ▬▬▬ ▬ ▬▬▬▬ ▬▬ ▬▬▬ ▬▬ ▬▬▬ ▬ ▬▬▬▬ ▬▬ ▬▬▬

▬▬ ▬▬▬ ▬ ▬▬▬▬ ▬▬ ▬▬▬ ▬▬ ▬▬▬ ▬ ▬▬▬▬ ▬▬ ▬▬▬ ▬▬ ▬▬▬ ▬ ▬▬▬▬ ▬▬ ▬▬▬ ▬▬ ▬▬▬ ▬ ▬▬▬▬ ▬▬ ▬▬▬ ▬▬ ▬▬▬ ▬ ▬▬▬▬ ▬▬ ▬▬▬ ▬▬ ▬▬▬ ▬ ▬▬▬▬ ▬▬ ▬▬▬ ▬▬ ▬▬▬ ▬ ▬▬▬▬ ▬▬ ▬▬▬ ▬▬ ▬▬▬ ▬ ▬▬▬▬ ▬▬ ▬▬▬ ▬▬ ▬▬▬ ▬ ▬▬▬▬ ▬▬ ▬▬▬

▬▬ ▬▬▬ ▬ ▬▬▬▬ ▬▬ ▬▬▬ ▬▬ ▬▬▬ ▬ ▬▬▬▬ ▬▬ ▬▬▬ ▬▬ ▬▬▬ ▬ ▬▬▬▬ ▬▬ ▬▬▬ ▬▬ ▬▬▬ ▬ ▬▬▬▬ ▬▬ ▬▬▬ ▬▬ ▬▬▬ ▬ ▬▬▬▬ ▬▬ ▬▬▬ ▬▬ ▬▬▬ ▬ ▬▬▬▬ ▬▬ ▬▬▬ ▬▬ ▬▬▬ ▬ ▬▬▬▬ ▬▬ ▬▬▬ ▬▬ ▬▬▬ ▬ ▬▬▬▬ ▬▬ ▬▬▬ ▬▬ ▬▬▬ ▬ ▬▬▬▬ ▬▬ ▬▬▬

▬▬ ▬▬▬ ▬ ▬▬▬▬ ▬▬ ▬▬▬ ▬▬ ▬▬▬ ▬ ▬▬▬▬ ▬▬ ▬▬▬ ▬▬ ▬▬▬ ▬ ▬▬▬▬ ▬▬ ▬▬▬ ▬▬ ▬▬▬ ▬ ▬▬▬▬ ▬▬ ▬▬▬ ▬▬ ▬▬▬ ▬ ▬▬▬▬ ▬▬ ▬▬▬ ▬▬ ▬▬▬ ▬ ▬▬▬▬ ▬▬ ▬▬▬ ▬▬ ▬▬▬ ▬ ▬▬▬▬ ▬▬ ▬▬▬ ▬▬ ▬▬▬ ▬ ▬▬▬▬ ▬▬ ▬▬▬ ▬▬ ▬▬▬ ▬ ▬▬▬▬ ▬▬ ▬▬▬

▬▬ ▬▬▬ ▬ ▬▬▬▬ ▬▬ ▬▬▬ ▬▬ ▬▬▬ ▬ ▬▬▬▬ ▬▬ ▬▬▬ ▬▬ ▬▬▬ ▬ ▬▬▬▬ ▬▬ ▬▬▬ ▬▬ ▬▬▬ ▬ ▬▬▬▬ ▬▬ ▬▬▬ ▬▬ ▬▬▬ ▬ ▬▬▬▬ ▬▬ ▬▬▬ ▬▬ ▬▬▬ ▬ ▬▬▬▬ ▬▬ ▬▬▬ ▬▬ ▬▬▬ ▬ ▬▬▬▬ ▬▬ ▬▬▬ ▬▬ ▬▬▬ ▬ ▬▬▬▬ ▬▬ ▬▬▬ ▬▬ ▬▬▬ ▬ ▬▬▬▬ ▬▬ ▬▬▬

▬▬ ▬▬▬ ▬ ▬▬▬▬ ▬▬ ▬▬▬ ▬▬ ▬▬▬ ▬ ▬▬▬▬ ▬▬ ▬▬▬ ▬▬ ▬▬▬ ▬ ▬▬▬▬ ▬▬ ▬▬▬ ▬▬ ▬▬▬ ▬ ▬▬▬▬ ▬▬ ▬▬▬ ▬▬ ▬▬▬ ▬ ▬▬▬▬ ▬▬ ▬▬▬ ▬▬ ▬▬▬ ▬ ▬▬▬▬ ▬▬ ▬▬▬ ▬▬ ▬▬▬ ▬ ▬▬▬▬ ▬▬ ▬▬▬ ▬▬ ▬▬▬ ▬ ▬▬▬▬ ▬▬ ▬▬▬ ▬▬ ▬▬▬ ▬ ▬▬▬▬ ▬▬ ▬▬▬

▬▬ ▬▬▬ ▬ ▬▬▬▬ ▬▬ ▬▬▬ ▬▬ ▬▬▬ ▬ ▬▬▬▬ ▬▬ ▬▬▬ ▬▬ ▬▬▬ ▬ ▬▬▬▬ ▬▬ ▬▬▬ ▬▬ ▬▬▬ ▬ ▬▬▬▬ ▬▬ ▬▬▬ ▬▬ ▬▬▬ ▬ ▬▬▬▬ ▬▬ ▬▬▬ ▬▬ ▬▬▬ ▬ ▬▬▬▬ ▬▬ ▬▬▬ ▬▬ ▬▬▬ ▬ ▬▬▬▬ ▬▬ ▬▬▬ ▬▬ ▬▬▬ ▬ ▬▬▬▬ ▬▬ ▬▬▬ ▬▬ ▬▬▬ ▬ ▬▬▬▬ ▬▬ ▬▬▬

▬▬ ▬▬▬ ▬ ▬▬▬▬ ▬▬ ▬▬▬ ▬▬ ▬▬▬ ▬ ▬▬▬▬ ▬▬ ▬▬▬ ▬▬ ▬▬▬ ▬ ▬▬▬▬ ▬▬ ▬▬▬ ▬▬ ▬▬▬ ▬ ▬▬▬▬ ▬▬ ▬▬▬ ▬▬ ▬▬▬ ▬ ▬▬▬▬ ▬▬ ▬▬▬ ▬▬ ▬▬▬ ▬ ▬▬▬▬ ▬▬ ▬▬▬ ▬▬ ▬▬▬ ▬ ▬▬▬▬ ▬▬ ▬▬▬ ▬▬ ▬▬▬ ▬ ▬▬▬▬ ▬▬ ▬▬▬ ▬▬ ▬▬▬ ▬ ▬▬▬▬ ▬▬ ▬▬▬

▬▬ ▬▬▬ ▬ ▬▬▬▬ ▬▬ ▬▬▬ ▬▬ ▬▬▬ ▬ ▬▬▬▬ ▬▬ ▬▬▬ ▬▬ ▬▬▬ ▬ ▬▬▬▬ ▬▬ ▬▬▬ ▬▬ ▬▬▬ ▬ ▬▬▬▬ ▬▬ ▬▬▬ ▬▬ ▬▬▬ ▬ ▬▬▬▬ ▬▬ ▬▬▬ ▬▬ ▬▬▬ ▬ ▬▬▬▬ ▬▬ ▬▬▬ ▬▬ ▬▬▬ ▬ ▬▬▬▬ ▬▬ ▬▬▬ ▬▬ ▬▬▬ ▬ ▬▬▬▬ ▬▬ ▬▬▬ ▬▬ ▬▬▬ ▬ ▬▬▬▬ ▬▬ ▬▬▬

Besprechung der Kartoffelfragen.

▬▬ ▬▬▬ ▬ ▬▬▬▬ ▬▬ ▬▬▬ ▬▬ ▬▬▬ ▬ ▬▬▬▬ ▬▬ ▬▬▬ ▬▬ ▬▬▬ ▬ ▬▬▬▬ ▬▬ ▬▬▬ ▬▬ ▬▬▬ ▬ ▬▬▬▬ ▬▬ ▬▬▬ ▬▬ ▬▬▬ ▬ ▬▬▬▬ ▬▬ ▬▬▬ ▬▬ ▬▬▬ ▬ ▬▬▬▬ ▬▬ ▬▬▬ ▬▬ ▬▬▬ ▬ ▬▬▬▬ ▬▬ ▬▬▬ ▬▬ ▬▬▬ ▬ ▬▬▬▬ ▬▬ ▬▬▬ ▬▬ ▬▬▬ ▬ ▬▬▬▬ ▬▬ ▬▬▬

▬▬ ▬▬▬ ▬ ▬▬▬▬ ▬▬ ▬▬▬ ▬▬ ▬▬▬ ▬ ▬▬▬▬ ▬▬ ▬▬▬ ▬▬ ▬▬▬ ▬ ▬▬▬▬ ▬▬ ▬▬▬ ▬▬ ▬▬▬ ▬ ▬▬▬▬ ▬▬ ▬▬▬ ▬▬ ▬▬▬ ▬ ▬▬▬▬ ▬▬ ▬▬▬ ▬▬ ▬▬▬ ▬ ▬▬▬▬ ▬▬ ▬▬▬ ▬▬ ▬▬▬ ▬ ▬▬▬▬ ▬▬ ▬▬▬ ▬▬ ▬▬▬ ▬ ▬▬▬▬ ▬▬ ▬▬▬ ▬▬ ▬▬▬ ▬ ▬▬▬▬ ▬▬ ▬▬▬

▬▬ ▬▬▬ ▬ ▬▬▬▬ ▬▬ ▬▬▬ ▬▬ ▬▬▬ ▬ ▬▬▬▬ ▬▬ ▬▬▬ ▬▬ ▬▬▬ ▬ ▬▬▬▬ ▬▬ ▬▬▬ ▬▬ ▬▬▬ ▬ ▬▬▬▬ ▬▬ ▬▬▬ ▬▬ ▬▬▬ ▬ ▬▬▬▬ ▬▬ ▬▬▬ ▬▬ ▬▬▬ ▬ ▬▬▬▬ ▬▬ ▬▬▬ ▬▬ ▬▬▬ ▬ ▬▬▬▬ ▬▬ ▬▬▬ ▬▬ ▬▬▬ ▬ ▬▬▬▬ ▬▬ ▬▬▬ ▬▬ ▬▬▬ ▬ ▬▬▬▬ ▬▬ ▬▬▬

▬▬ ▬▬▬ ▬ ▬▬▬▬ ▬▬ ▬▬▬ ▬▬ ▬▬▬ ▬ ▬▬▬▬ ▬▬ ▬▬▬ ▬▬ ▬▬▬ ▬ ▬▬▬▬ ▬▬ ▬▬▬ ▬▬ ▬▬▬ ▬ ▬▬▬▬ ▬▬ ▬▬▬ ▬▬ ▬▬▬ ▬ ▬▬▬▬ ▬▬ ▬▬▬ ▬▬ ▬▬▬ ▬ ▬▬▬▬ ▬▬ ▬▬▬ ▬▬ ▬▬▬ ▬ ▬▬▬▬ ▬▬ ▬▬▬ ▬▬ ▬▬▬ ▬ ▬▬▬▬ ▬▬ ▬▬▬ ▬▬ ▬▬▬ ▬ ▬▬▬▬ ▬▬ ▬▬▬

▬▬ ▬▬▬ ▬ ▬▬▬▬ ▬▬ ▬▬▬ ▬▬ ▬▬▬ ▬ ▬▬▬▬ ▬▬ ▬▬▬ ▬▬ ▬▬▬ ▬ ▬▬▬▬ ▬▬ ▬▬▬ ▬▬ ▬▬▬ ▬ ▬▬▬▬ ▬▬ ▬▬▬ ▬▬ ▬▬▬ ▬ ▬▬▬▬ ▬▬ ▬▬▬ ▬▬ ▬▬▬ ▬ ▬▬▬▬ ▬▬ ▬▬▬ ▬▬ ▬▬▬ ▬ ▬▬▬▬ ▬▬ ▬▬▬ ▬▬ ▬▬▬ ▬ ▬▬▬▬ ▬▬ ▬▬▬ ▬▬ ▬▬▬ ▬ ▬▬▬▬ ▬▬ ▬▬▬

▬▬ ▬▬▬ ▬ ▬▬▬▬ ▬▬ ▬▬▬ ▬▬ ▬▬▬ ▬ ▬▬▬▬ ▬▬ ▬▬▬ ▬▬ ▬▬▬ ▬ ▬▬▬▬ ▬▬ ▬▬▬ ▬▬ ▬▬▬ ▬ ▬▬▬▬ ▬▬ ▬▬▬ ▬▬ ▬▬▬ ▬ ▬▬▬▬ ▬▬ ▬▬▬ ▬▬ ▬▬▬ ▬ ▬▬▬▬ ▬▬ ▬▬▬ ▬▬ ▬▬▬ ▬ ▬▬▬▬ ▬▬ ▬▬▬ ▬▬ ▬▬▬ ▬ ▬▬▬▬ ▬▬ ▬▬▬ ▬▬ ▬▬▬ ▬ ▬▬▬▬ ▬▬ ▬▬▬

▬▬ ▬▬▬ ▬ ▬▬▬▬ ▬▬ ▬▬▬ ▬▬ ▬▬▬ ▬ ▬▬▬▬ ▬▬ ▬▬▬ ▬▬ ▬▬▬ ▬ ▬▬▬▬ ▬▬ ▬▬▬ ▬▬ ▬▬▬ ▬ ▬▬▬▬ ▬▬ ▬▬▬ ▬▬ ▬▬▬ ▬ ▬▬▬▬ ▬▬ ▬▬▬ ▬▬ ▬▬▬ ▬ ▬▬▬▬ ▬▬ ▬▬▬ ▬▬ ▬▬▬ ▬ ▬▬▬▬ ▬▬ ▬▬▬ ▬▬ ▬▬▬ ▬ ▬▬▬▬ ▬▬ ▬▬▬ ▬▬ ▬▬▬ ▬ ▬▬▬▬ ▬▬ ▬▬▬

▬▬ ▬▬▬ ▬ ▬▬▬▬ ▬▬ ▬▬▬ ▬▬ ▬▬▬ ▬ ▬▬▬▬ ▬▬ ▬▬▬ ▬▬ ▬▬▬ ▬ ▬▬▬▬ ▬▬ ▬▬▬ ▬▬ ▬▬▬ ▬ ▬▬▬▬ ▬▬ ▬▬▬ ▬▬ ▬▬▬ ▬ ▬▬▬▬ ▬▬ ▬▬▬ ▬▬ ▬▬▬ ▬ ▬▬▬▬ ▬▬ ▬▬▬ ▬▬ ▬▬▬ ▬ ▬▬▬▬ ▬▬ ▬▬▬ ▬▬ ▬▬▬ ▬ ▬▬▬▬ ▬▬ ▬▬▬ ▬▬ ▬▬▬ ▬ ▬▬▬▬ ▬▬ ▬▬▬

▬▬ ▬▬▬ ▬ ▬▬▬▬ ▬▬ ▬▬▬ ▬▬ ▬▬▬ ▬ ▬▬▬▬ ▬▬ ▬▬▬ ▬▬ ▬▬▬ ▬ ▬▬▬▬ ▬▬ ▬▬▬ ▬▬ ▬▬▬ ▬ ▬▬▬▬ ▬▬ ▬▬▬ ▬▬ ▬▬▬ ▬ ▬▬▬▬ ▬▬ ▬▬▬ ▬▬ ▬▬▬ ▬ ▬▬▬▬ ▬▬ ▬▬▬ ▬▬ ▬▬▬ ▬ ▬▬▬▬ ▬▬ ▬▬▬ ▬▬ ▬▬▬ ▬ ▬▬▬▬ ▬▬ ▬▬▬
